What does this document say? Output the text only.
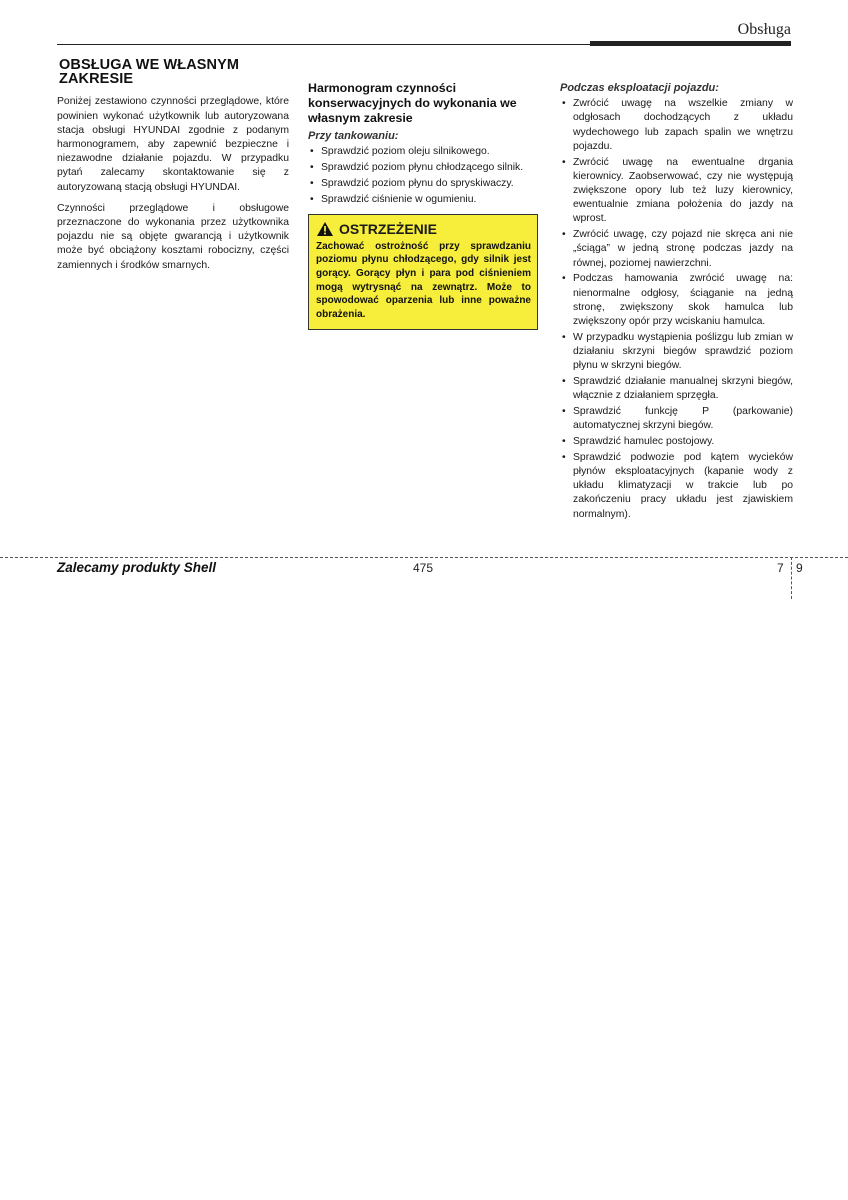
Obsługa
OBSŁUGA WE WŁASNYM ZAKRESIE

Poniżej zestawiono czynności przeglądowe, które powinien wykonać użytkownik lub autoryzowana stacja obsługi HYUNDAI zgodnie z podanym harmonogramem, aby zapewnić bezpieczne i niezawodne działanie pojazdu. W przypadku pytań zalecamy skontaktowanie się z autoryzowaną stacją obsługi HYUNDAI.

Czynności przeglądowe i obsługowe przeznaczone do wykonania przez użytkownika pojazdu nie są objęte gwarancją i użytkownik może być obciążony kosztami robocizny, części zamiennych i środków smarnych.

Harmonogram czynności konserwacyjnych do wykonania we własnym zakresie
Przy tankowaniu:
• Sprawdzić poziom oleju silnikowego.
• Sprawdzić poziom płynu chłodzącego silnik.
• Sprawdzić poziom płynu do spryskiwaczy.
• Sprawdzić ciśnienie w ogumieniu.
OSTRZEŻENIE
Zachować ostrożność przy sprawdzaniu poziomu płynu chłodzącego, gdy silnik jest gorący. Gorący płyn i para pod ciśnieniem mogą wytrysnąć na zewnątrz. Może to spowodować oparzenia lub inne poważne obrażenia.
Podczas eksploatacji pojazdu:
• Zwrócić uwagę na wszelkie zmiany w odgłosach dochodzących z układu wydechowego lub zapach spalin we wnętrzu pojazdu.
• Zwrócić uwagę na ewentualne drgania kierownicy. Zaobserwować, czy nie występują zwiększone opory lub też luzy kierownicy, ewentualnie zmiana położenia do jazdy na wprost.
• Zwrócić uwagę, czy pojazd nie skręca ani nie „ściąga” w jedną stronę podczas jazdy na równej, poziomej nawierzchni.
• Podczas hamowania zwrócić uwagę na: nienormalne odgłosy, ściąganie na jedną stronę, zwiększony skok hamulca lub zwiększony opór przy wciskaniu hamulca.
• W przypadku wystąpienia poślizgu lub zmian w działaniu skrzyni biegów sprawdzić poziom płynu w skrzyni biegów.
• Sprawdzić działanie manualnej skrzyni biegów, włącznie z działaniem sprzęgła.
• Sprawdzić funkcję P (parkowanie) automatycznej skrzyni biegów.
• Sprawdzić hamulec postojowy.
• Sprawdzić podwozie pod kątem wycieków płynów eksploatacyjnych (kapanie wody z układu klimatyzacji w trakcie lub po zakończeniu pracy układu jest zjawiskiem normalnym).
Zalecamy produkty Shell	475	7 9
